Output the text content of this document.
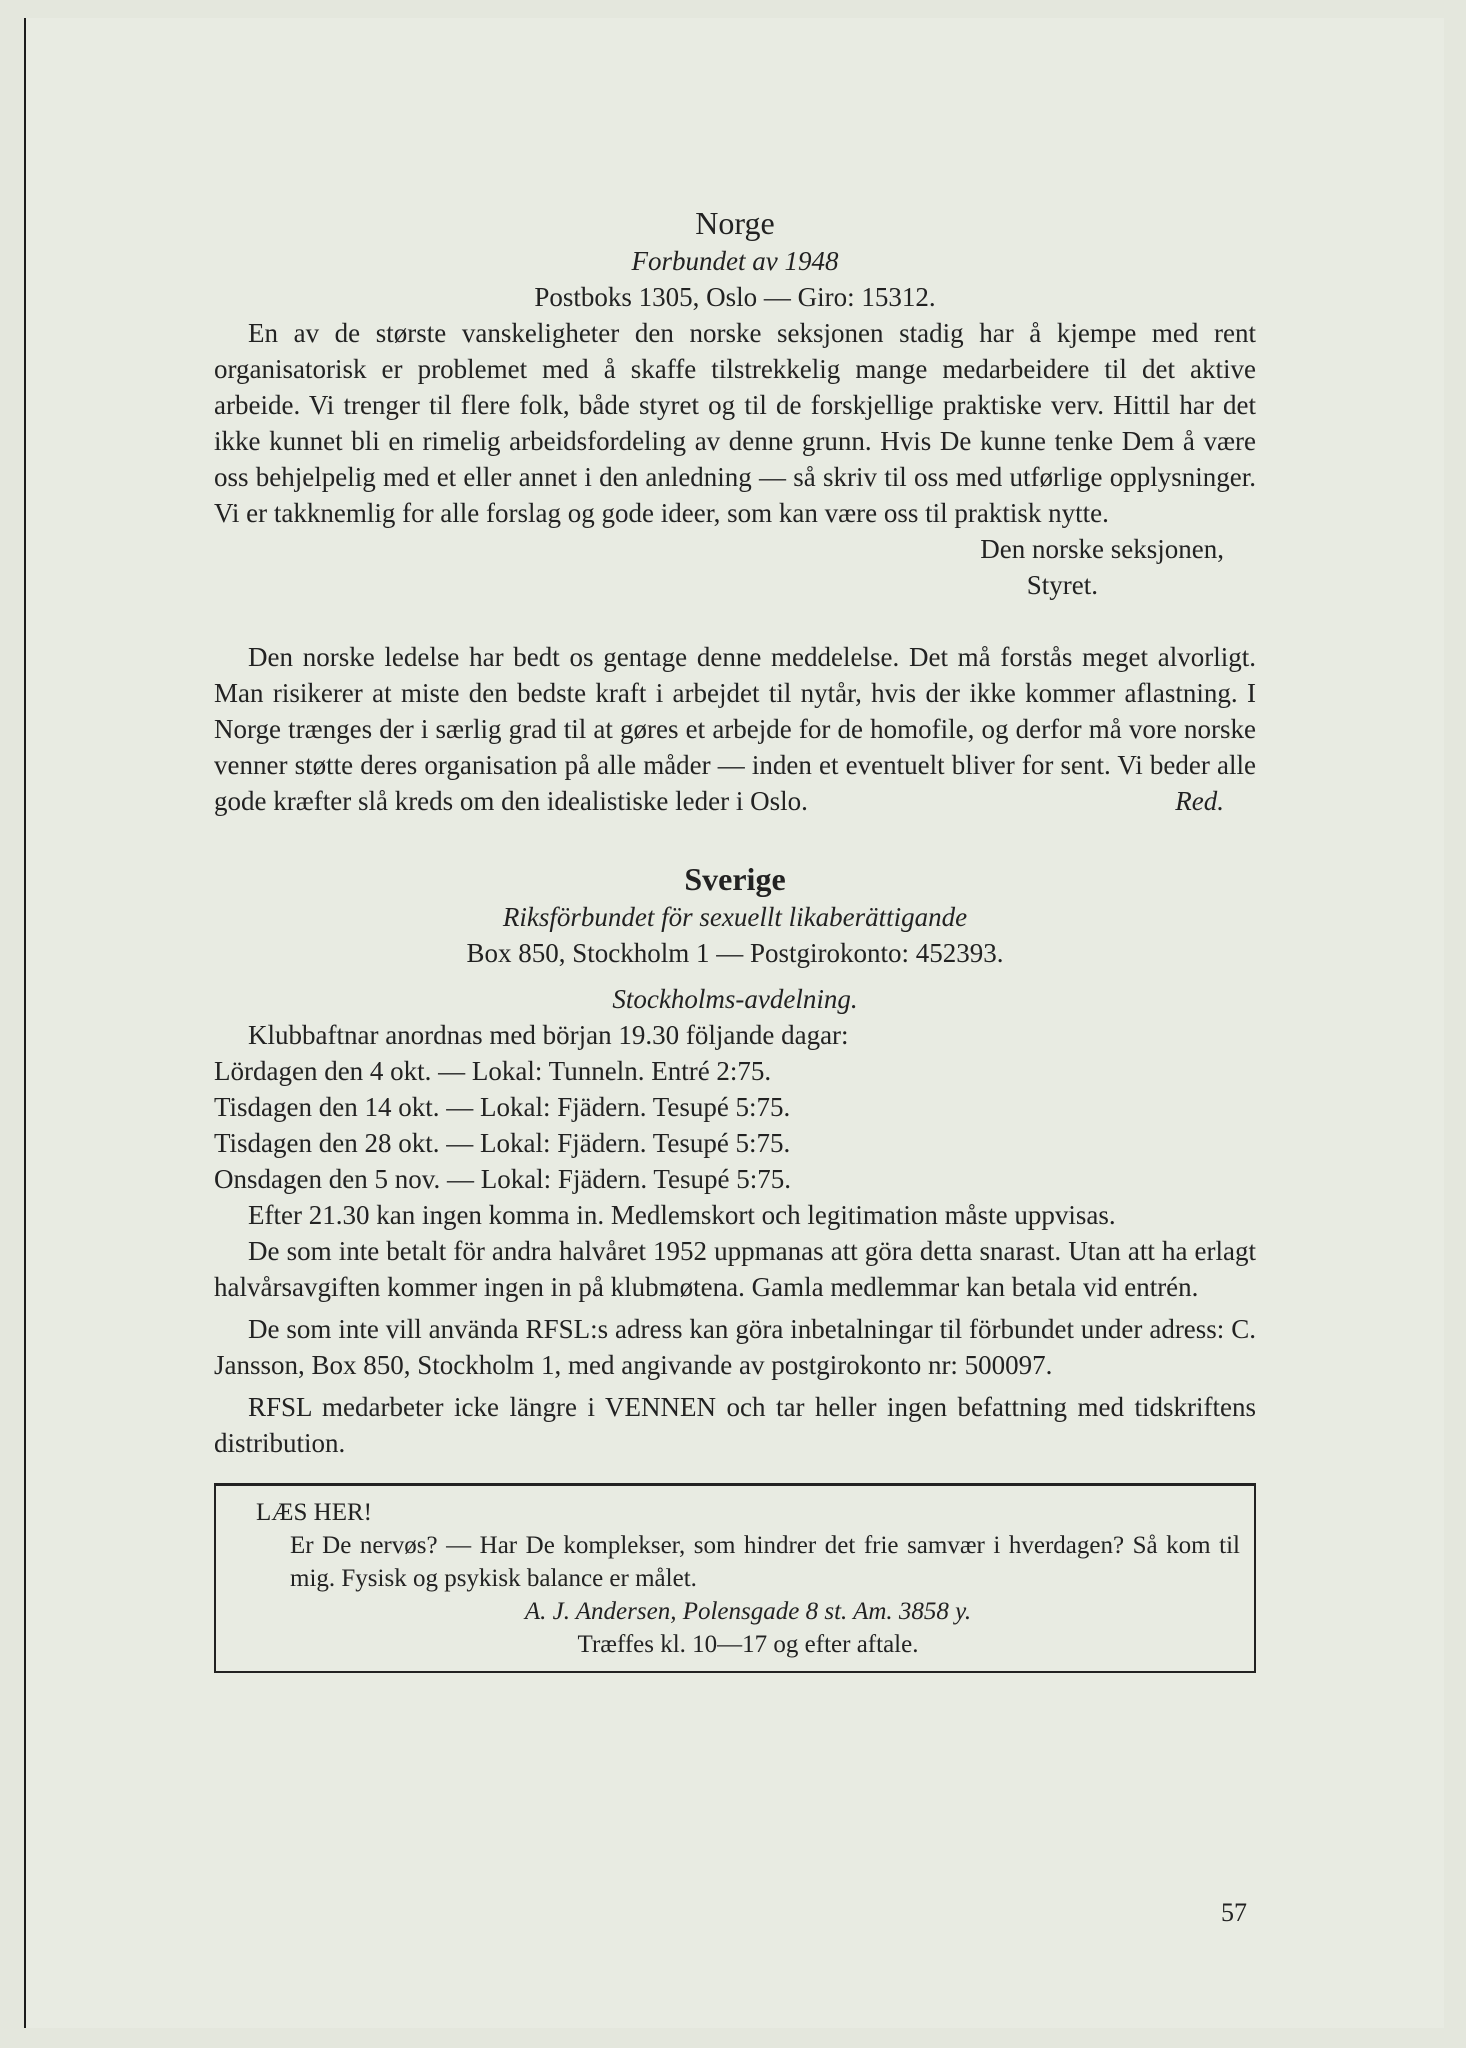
Norge
Forbundet av 1948
Postboks 1305, Oslo — Giro: 15312.

En av de største vanskeligheter den norske seksjonen stadig har å kjempe med rent organisatorisk er problemet med å skaffe tilstrekkelig mange medarbeidere til det aktive arbeide. Vi trenger til flere folk, både styret og til de forskjellige praktiske verv. Hittil har det ikke kunnet bli en rimelig arbeidsfordeling av denne grunn. Hvis De kunne tenke Dem å være oss behjelpelig med et eller annet i den anledning — så skriv til oss med utførlige opplysninger. Vi er takknemlig for alle forslag og gode ideer, som kan være oss til praktisk nytte.

Den norske seksjonen,
Styret.

Den norske ledelse har bedt os gentage denne meddelelse. Det må forstås meget alvorligt. Man risikerer at miste den bedste kraft i arbejdet til nytår, hvis der ikke kommer aflastning. I Norge trænges der i særlig grad til at gøres et arbejde for de homofile, og derfor må vore norske venner støtte deres organisation på alle måder — inden et eventuelt bliver for sent. Vi beder alle gode kræfter slå kreds om den idealistiske leder i Oslo.	Red.

Sverige
Riksförbundet för sexuellt likaberättigande
Box 850, Stockholm 1 — Postgirokonto: 452393.
Stockholms-avdelning.
Klubbaftnar anordnas med början 19.30 följande dagar:
Lördagen den 4 okt. — Lokal: Tunneln. Entré 2:75.
Tisdagen den 14 okt. — Lokal: Fjädern. Tesupé 5:75.
Tisdagen den 28 okt. — Lokal: Fjädern. Tesupé 5:75.
Onsdagen den 5 nov. — Lokal: Fjädern. Tesupé 5:75.

Efter 21.30 kan ingen komma in. Medlemskort och legitimation måste uppvisas.

De som inte betalt för andra halvåret 1952 uppmanas att göra detta snarast. Utan att ha erlagt halvårsavgiften kommer ingen in på klubmøtena. Gamla medlemmar kan betala vid entrén.

De som inte vill använda RFSL:s adress kan göra inbetalningar til förbundet under adress: C. Jansson, Box 850, Stockholm 1, med angivande av postgirokonto nr: 500097.

RFSL medarbeter icke längre i VENNEN och tar heller ingen befattning med tidskriftens distribution.

LÆS HER!
Er De nervøs? — Har De komplekser, som hindrer det frie samvær i hverdagen? Så kom til mig. Fysisk og psykisk balance er målet.
A. J. Andersen, Polensgade 8 st. Am. 3858 y.
Træffes kl. 10—17 og efter aftale.
57
